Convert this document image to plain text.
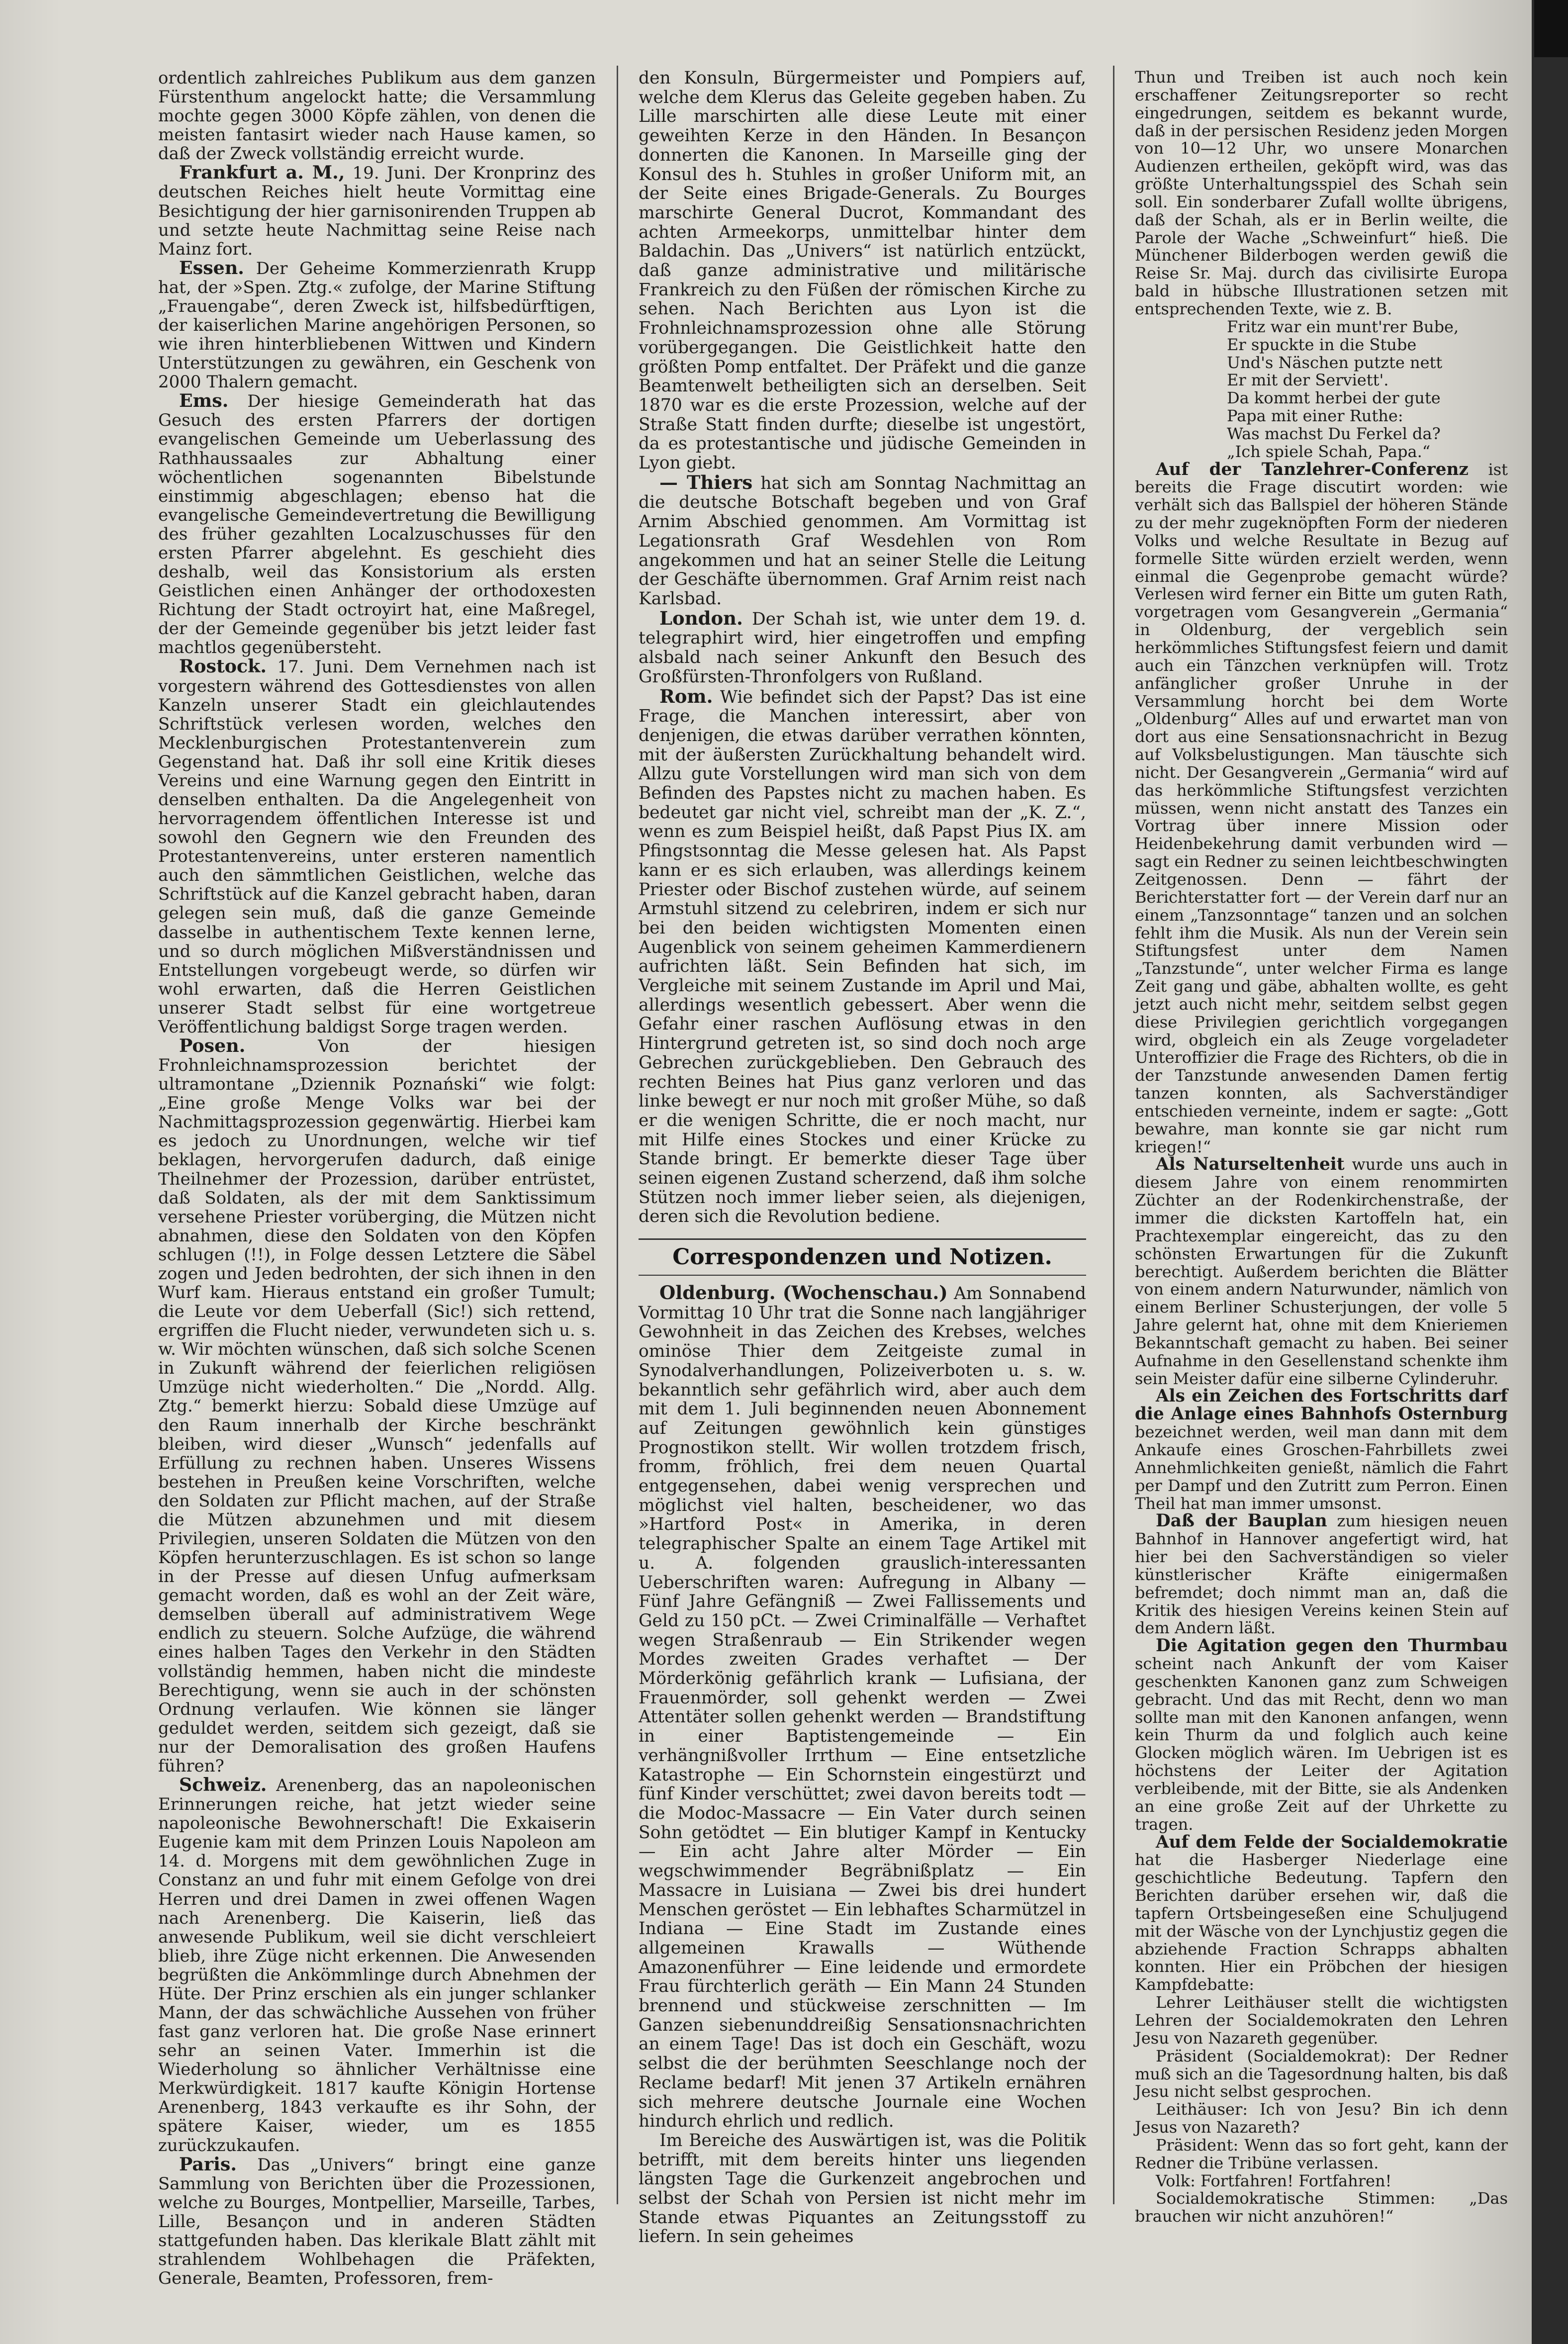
ordentlich zahlreiches Publikum aus dem ganzen Fürstenthum angelockt hatte; die Versammlung mochte gegen 3000 Köpfe zählen, von denen die meisten fantasirt wieder nach Hause kamen, so daß der Zweck vollständig erreicht wurde.

Frankfurt a. M., 19. Juni. Der Kronprinz des deutschen Reiches hielt heute Vormittag eine Besichtigung der hier garnisonirenden Truppen ab und setzte heute Nachmittag seine Reise nach Mainz fort.

Essen. Der Geheime Kommerzienrath Krupp hat, der »Spen. Ztg.« zufolge, der Marine Stiftung „Frauengabe“, deren Zweck ist, hilfsbedürftigen, der kaiserlichen Marine angehörigen Personen, so wie ihren hinterbliebenen Wittwen und Kindern Unterstützungen zu gewähren, ein Geschenk von 2000 Thalern gemacht.

Ems. Der hiesige Gemeinderath hat das Gesuch des ersten Pfarrers der dortigen evangelischen Gemeinde um Ueberlassung des Rathhaussaales zur Abhaltung einer wöchentlichen sogenannten Bibelstunde einstimmig abgeschlagen; ebenso hat die evangelische Gemeindevertretung die Bewilligung des früher gezahlten Localzuschusses für den ersten Pfarrer abgelehnt. Es geschieht dies deshalb, weil das Konsistorium als ersten Geistlichen einen Anhänger der orthodoxesten Richtung der Stadt octroyirt hat, eine Maßregel, der der Gemeinde gegenüber bis jetzt leider fast machtlos gegenübersteht.

Rostock. 17. Juni. Dem Vernehmen nach ist vorgestern während des Gottesdienstes von allen Kanzeln unserer Stadt ein gleichlautendes Schriftstück verlesen worden, welches den Mecklenburgischen Protestantenverein zum Gegenstand hat. Daß ihr soll eine Kritik dieses Vereins und eine Warnung gegen den Eintritt in denselben enthalten. Da die Angelegenheit von hervorragendem öffentlichen Interesse ist und sowohl den Gegnern wie den Freunden des Protestantenvereins, unter ersteren namentlich auch den sämmtlichen Geistlichen, welche das Schriftstück auf die Kanzel gebracht haben, daran gelegen sein muß, daß die ganze Gemeinde dasselbe in authentischem Texte kennen lerne, und so durch möglichen Mißverständnissen und Entstellungen vorgebeugt werde, so dürfen wir wohl erwarten, daß die Herren Geistlichen unserer Stadt selbst für eine wortgetreue Veröffentlichung baldigst Sorge tragen werden.

Posen.	Von der hiesigen Frohnleichnamsprozession berichtet der ultramontane „Dziennik Poznański“ wie folgt: „Eine große Menge Volks war bei der Nachmittagsprozession gegenwärtig. Hierbei kam es jedoch zu Unordnungen, welche wir tief beklagen, hervorgerufen dadurch, daß einige Theilnehmer der Prozession, darüber entrüstet, daß Soldaten, als der mit dem Sanktissimum versehene Priester vorüberging, die Mützen nicht abnahmen, diese den Soldaten von den Köpfen schlugen (!!), in Folge dessen Letztere die Säbel zogen und Jeden bedrohten, der sich ihnen in den Wurf kam. Hieraus entstand ein großer Tumult; die Leute vor dem Ueberfall (Sic!) sich rettend, ergriffen die Flucht nieder, verwundeten sich u. s. w. Wir möchten wünschen, daß sich solche Scenen in Zukunft während der feierlichen religiösen Umzüge nicht wiederholten.“ Die „Nordd. Allg. Ztg.“ bemerkt hierzu: Sobald diese Umzüge auf den Raum innerhalb der Kirche beschränkt bleiben, wird dieser „Wunsch“ jedenfalls auf Erfüllung zu rechnen haben. Unseres Wissens bestehen in Preußen keine Vorschriften, welche den Soldaten zur Pflicht machen, auf der Straße die Mützen abzunehmen und mit diesem Privilegien, unseren Soldaten die Mützen von den Köpfen herunterzuschlagen. Es ist schon so lange in der Presse auf diesen Unfug aufmerksam gemacht worden, daß es wohl an der Zeit wäre, demselben überall auf administrativem Wege endlich zu steuern. Solche Aufzüge, die während eines halben Tages den Verkehr in den Städten vollständig hemmen, haben nicht die mindeste Berechtigung, wenn sie auch in der schönsten Ordnung verlaufen. Wie können sie länger geduldet werden, seitdem sich gezeigt, daß sie nur der Demoralisation des großen Haufens führen?

Schweiz. Arenenberg, das an napoleonischen Erinnerungen reiche, hat jetzt wieder seine napoleonische Bewohnerschaft! Die Exkaiserin Eugenie kam mit dem Prinzen Louis Napoleon am 14. d. Morgens mit dem gewöhnlichen Zuge in Constanz an und fuhr mit einem Gefolge von drei Herren und drei Damen in zwei offenen Wagen nach Arenenberg. Die Kaiserin, ließ das anwesende Publikum, weil sie dicht verschleiert blieb, ihre Züge nicht erkennen. Die Anwesenden begrüßten die Ankömmlinge durch Abnehmen der Hüte. Der Prinz erschien als ein junger schlanker Mann, der das schwächliche Aussehen von früher fast ganz verloren hat. Die große Nase erinnert sehr an seinen Vater. Immerhin ist die Wiederholung so ähnlicher Verhältnisse eine Merkwürdigkeit. 1817 kaufte Königin Hortense Arenenberg, 1843 verkaufte es ihr Sohn, der spätere Kaiser, wieder, um es 1855 zurückzukaufen.

Paris. Das „Univers“ bringt eine ganze Sammlung von Berichten über die Prozessionen, welche zu Bourges, Montpellier, Marseille, Tarbes, Lille, Besançon und in anderen Städten stattgefunden haben. Das klerikale Blatt zählt mit strahlendem Wohlbehagen die Präfekten, Generale, Beamten, Professoren, frem-

den Konsuln, Bürgermeister und Pompiers auf, welche dem Klerus das Geleite gegeben haben. Zu Lille marschirten alle diese Leute mit einer geweihten Kerze in den Händen. In Besançon donnerten die Kanonen. In Marseille ging der Konsul des h. Stuhles in großer Uniform mit, an der Seite eines Brigade-Generals. Zu Bourges marschirte General Ducrot, Kommandant des achten Armeekorps, unmittelbar hinter dem Baldachin. Das „Univers“ ist natürlich entzückt, daß ganze administrative und militärische Frankreich zu den Füßen der römischen Kirche zu sehen. Nach Berichten aus Lyon ist die Frohnleichnamsprozession ohne alle Störung vorübergegangen. Die Geistlichkeit hatte den größten Pomp entfaltet. Der Präfekt und die ganze Beamtenwelt betheiligten sich an derselben. Seit 1870 war es die erste Prozession, welche auf der Straße Statt finden durfte; dieselbe ist ungestört, da es protestantische und jüdische Gemeinden in Lyon giebt.

— Thiers hat sich am Sonntag Nachmittag an die deutsche Botschaft begeben und von Graf Arnim Abschied genommen. Am Vormittag ist Legationsrath Graf Wesdehlen von Rom angekommen und hat an seiner Stelle die Leitung der Geschäfte übernommen. Graf Arnim reist nach Karlsbad.

London. Der Schah ist, wie unter dem 19. d. telegraphirt wird, hier eingetroffen und empfing alsbald nach seiner Ankunft den Besuch des Großfürsten-Thronfolgers von Rußland.

Rom. Wie befindet sich der Papst? Das ist eine Frage, die Manchen interessirt, aber von denjenigen, die etwas darüber verrathen könnten, mit der äußersten Zurückhaltung behandelt wird. Allzu gute Vorstellungen wird man sich von dem Befinden des Papstes nicht zu machen haben. Es bedeutet gar nicht viel, schreibt man der „K. Z.“, wenn es zum Beispiel heißt, daß Papst Pius IX. am Pfingstsonntag die Messe gelesen hat. Als Papst kann er es sich erlauben, was allerdings keinem Priester oder Bischof zustehen würde, auf seinem Armstuhl sitzend zu celebriren, indem er sich nur bei den beiden wichtigsten Momenten einen Augenblick von seinem geheimen Kammerdienern aufrichten läßt. Sein Befinden hat sich, im Vergleiche mit seinem Zustande im April und Mai, allerdings wesentlich gebessert. Aber wenn die Gefahr einer raschen Auflösung etwas in den Hintergrund getreten ist, so sind doch noch arge Gebrechen zurückgeblieben. Den Gebrauch des rechten Beines hat Pius ganz verloren und das linke bewegt er nur noch mit großer Mühe, so daß er die wenigen Schritte, die er noch macht, nur mit Hilfe eines Stockes und einer Krücke zu Stande bringt. Er bemerkte dieser Tage über seinen eigenen Zustand scherzend, daß ihm solche Stützen noch immer lieber seien, als diejenigen, deren sich die Revolution bediene.

Correspondenzen und Notizen.

Oldenburg. (Wochenschau.) Am Sonnabend Vormittag 10 Uhr trat die Sonne nach langjähriger Gewohnheit in das Zeichen des Krebses, welches ominöse Thier dem Zeitgeiste zumal in Synodalverhandlungen, Polizeiverboten u. s. w. bekanntlich sehr gefährlich wird, aber auch dem mit dem 1. Juli beginnenden neuen Abonnement auf Zeitungen gewöhnlich kein günstiges Prognostikon stellt. Wir wollen trotzdem frisch, fromm, fröhlich, frei dem neuen Quartal entgegensehen, dabei wenig versprechen und möglichst viel halten, bescheidener, wo das »Hartford Post« in Amerika, in deren telegraphischer Spalte an einem Tage Artikel mit u. A. folgenden grauslich-interessanten Ueberschriften waren: Aufregung in Albany — Fünf Jahre Gefängniß — Zwei Fallissements und Geld zu 150 pCt. — Zwei Criminalfälle — Verhaftet wegen Straßenraub — Ein Strikender wegen Mordes zweiten Grades verhaftet — Der Mörderkönig gefährlich krank — Lufisiana, der Frauenmörder, soll gehenkt werden — Zwei Attentäter sollen gehenkt werden — Brandstiftung in einer Baptistengemeinde — Ein verhängnißvoller Irrthum — Eine entsetzliche Katastrophe — Ein Schornstein eingestürzt und fünf Kinder verschüttet; zwei davon bereits todt — die Modoc-Massacre — Ein Vater durch seinen Sohn getödtet — Ein blutiger Kampf in Kentucky — Ein acht Jahre alter Mörder — Ein wegschwimmender Begräbnißplatz — Ein Massacre in Luisiana — Zwei bis drei hundert Menschen geröstet — Ein lebhaftes Scharmützel in Indiana — Eine Stadt im Zustande eines allgemeinen Krawalls — Wüthende Amazonenführer — Eine leidende und ermordete Frau fürchterlich geräth — Ein Mann 24 Stunden brennend und stückweise zerschnitten — Im Ganzen siebenunddreißig Sensationsnachrichten an einem Tage! Das ist doch ein Geschäft, wozu selbst die der berühmten Seeschlange noch der Reclame bedarf! Mit jenen 37 Artikeln ernähren sich mehrere deutsche Journale eine Wochen hindurch ehrlich und redlich.

Im Bereiche des Auswärtigen ist, was die Politik betrifft, mit dem bereits hinter uns liegenden längsten Tage die Gurkenzeit angebrochen und selbst der Schah von Persien ist nicht mehr im Stande etwas Piquantes an Zeitungsstoff zu liefern. In sein geheimes

Thun und Treiben ist auch noch kein erschaffener Zeitungsreporter so recht eingedrungen, seitdem es bekannt wurde, daß in der persischen Residenz jeden Morgen von 10—12 Uhr, wo unsere Monarchen Audienzen ertheilen, geköpft wird, was das größte Unterhaltungsspiel des Schah sein soll. Ein sonderbarer Zufall wollte übrigens, daß der Schah, als er in Berlin weilte, die Parole der Wache „Schweinfurt“ hieß. Die Münchener Bilderbogen werden gewiß die Reise Sr. Maj. durch das civilisirte Europa bald in hübsche Illustrationen setzen mit entsprechenden Texte, wie z. B.

Fritz war ein munt'rer Bube,

Er spuckte in die Stube

Und's Näschen putzte nett

Er mit der Serviett'.

Da kommt herbei der gute

Papa mit einer Ruthe:

Was machst Du Ferkel da?

„Ich spiele Schah, Papa.“

Auf der Tanzlehrer-Conferenz ist bereits die Frage discutirt worden: wie verhält sich das Ballspiel der höheren Stände zu der mehr zugeknöpften Form der niederen Volks und welche Resultate in Bezug auf formelle Sitte würden erzielt werden, wenn einmal die Gegenprobe gemacht würde? Verlesen wird ferner ein Bitte um guten Rath, vorgetragen vom Gesangverein „Germania“ in Oldenburg, der vergeblich sein herkömmliches Stiftungsfest feiern und damit auch ein Tänzchen verknüpfen will. Trotz anfänglicher großer Unruhe in der Versammlung horcht bei dem Worte „Oldenburg“ Alles auf und erwartet man von dort aus eine Sensationsnachricht in Bezug auf Volksbelustigungen. Man täuschte sich nicht. Der Gesangverein „Germania“ wird auf das herkömmliche Stiftungsfest verzichten müssen, wenn nicht anstatt des Tanzes ein Vortrag über innere Mission oder Heidenbekehrung damit verbunden wird — sagt ein Redner zu seinen leichtbeschwingten Zeitgenossen. Denn — fährt der Berichterstatter fort — der Verein darf nur an einem „Tanzsonntage“ tanzen und an solchen fehlt ihm die Musik. Als nun der Verein sein Stiftungsfest unter dem Namen „Tanzstunde“, unter welcher Firma es lange Zeit gang und gäbe, abhalten wollte, es geht jetzt auch nicht mehr, seitdem selbst gegen diese Privilegien gerichtlich vorgegangen wird, obgleich ein als Zeuge vorgeladeter Unteroffizier die Frage des Richters, ob die in der Tanzstunde anwesenden Damen fertig tanzen konnten, als Sachverständiger entschieden verneinte, indem er sagte: „Gott bewahre, man konnte sie gar nicht rum kriegen!“

Als Naturseltenheit wurde uns auch in diesem Jahre von einem renommirten Züchter an der Rodenkirchenstraße, der immer die dicksten Kartoffeln hat, ein Prachtexemplar eingereicht, das zu den schönsten Erwartungen für die Zukunft berechtigt. Außerdem berichten die Blätter von einem andern Naturwunder, nämlich von einem Berliner Schusterjungen, der volle 5 Jahre gelernt hat, ohne mit dem Knieriemen Bekanntschaft gemacht zu haben. Bei seiner Aufnahme in den Gesellenstand schenkte ihm sein Meister dafür eine silberne Cylinderuhr.

Als ein Zeichen des Fortschritts darf die Anlage eines Bahnhofs Osternburg bezeichnet werden, weil man dann mit dem Ankaufe eines Groschen-Fahrbillets zwei Annehmlichkeiten genießt, nämlich die Fahrt per Dampf und den Zutritt zum Perron. Einen Theil hat man immer umsonst.

Daß der Bauplan zum hiesigen neuen Bahnhof in Hannover angefertigt wird, hat hier bei den Sachverständigen so vieler künstlerischer Kräfte einigermaßen befremdet; doch nimmt man an, daß die Kritik des hiesigen Vereins keinen Stein auf dem Andern läßt.

Die Agitation gegen den Thurmbau scheint nach Ankunft der vom Kaiser geschenkten Kanonen ganz zum Schweigen gebracht. Und das mit Recht, denn wo man sollte man mit den Kanonen anfangen, wenn kein Thurm da und folglich auch keine Glocken möglich wären. Im Uebrigen ist es höchstens der Leiter der Agitation verbleibende, mit der Bitte, sie als Andenken an eine große Zeit auf der Uhrkette zu tragen.

Auf dem Felde der Socialdemokratie hat die Hasberger Niederlage eine geschichtliche Bedeutung. Tapfern den Berichten darüber ersehen wir, daß die tapfern Ortsbeingeseßen eine Schuljugend mit der Wäsche von der Lynchjustiz gegen die abziehende Fraction Schrapps abhalten konnten. Hier ein Pröbchen der hiesigen Kampfdebatte:

Lehrer Leithäuser stellt die wichtigsten Lehren der Socialdemokraten den Lehren Jesu von Nazareth gegenüber.

Präsident (Socialdemokrat): Der Redner muß sich an die Tagesordnung halten, bis daß Jesu nicht selbst gesprochen.

Leithäuser: Ich von Jesu? Bin ich denn Jesus von Nazareth?

Präsident: Wenn das so fort geht, kann der Redner die Tribüne verlassen.

Volk: Fortfahren! Fortfahren!

Socialdemokratische Stimmen: „Das brauchen wir nicht anzuhören!“
